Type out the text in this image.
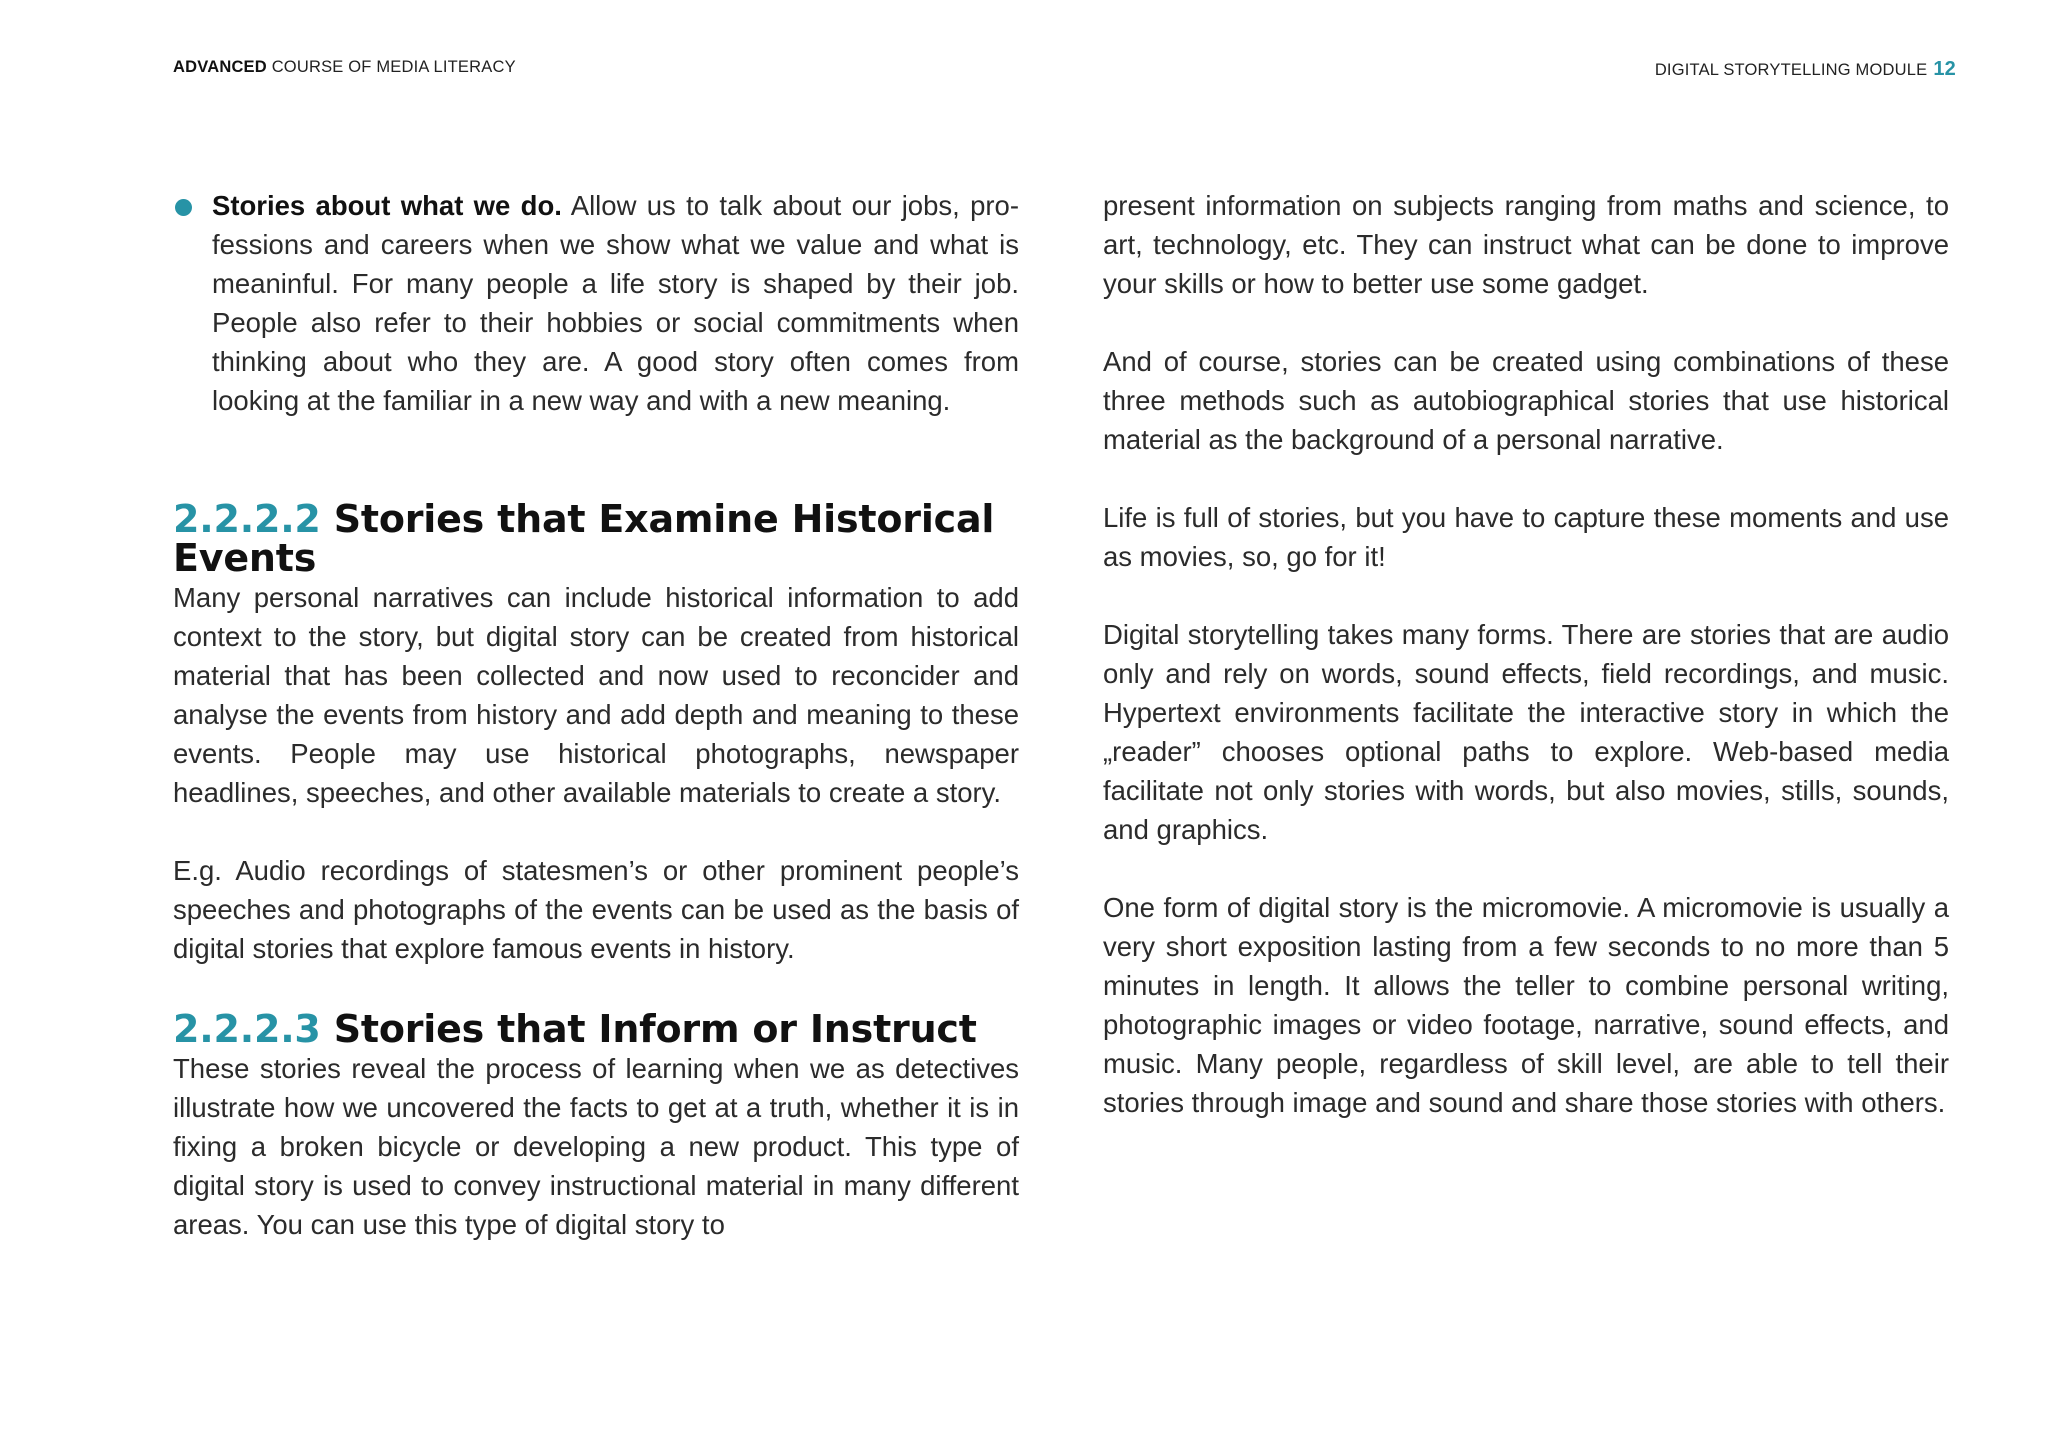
ADVANCED COURSE OF MEDIA LITERACY	DIGITAL STORYTELLING MODULE 12

Stories about what we do. Allow us to talk about our jobs, professions and careers when we show what we value and what is meaninful. For many people a life story is shaped by their job. People also refer to their hobbies or social commitments when thinking about who they are. A good story often comes from looking at the familiar in a new way and with a new meaning.

2.2.2.2 Stories that Examine Historical Events

Many personal narratives can include historical information to add context to the story, but digital story can be created from historical material that has been collected and now used to reconcider and analyse the events from history and add depth and meaning to these events. People may use historical photographs, newspaper headlines, speeches, and other available materials to create a story.

E.g. Audio recordings of statesmen’s or other prominent people’s speeches and photographs of the events can be used as the basis of digital stories that explore famous events in history.

2.2.2.3 Stories that Inform or Instruct

These stories reveal the process of learning when we as detectives illustrate how we uncovered the facts to get at a truth, whether it is in fixing a broken bicycle or developing a new product. This type of digital story is used to convey instructional material in many different areas. You can use this type of digital story to

present information on subjects ranging from maths and science, to art, technology, etc. They can instruct what can be done to improve your skills or how to better use some gadget.

And of course, stories can be created using combinations of these three methods such as autobiographical stories that use historical material as the background of a personal narrative.

Life is full of stories, but you have to capture these moments and use as movies, so, go for it!

Digital storytelling takes many forms. There are stories that are audio only and rely on words, sound effects, field recordings, and music. Hypertext environments facilitate the interactive story in which the „reader” chooses optional paths to explore. Web-based media facilitate not only stories with words, but also movies, stills, sounds, and graphics.

One form of digital story is the micromovie. A micromovie is usually a very short exposition lasting from a few seconds to no more than 5 minutes in length. It allows the teller to combine personal writing, photographic images or video footage, narrative, sound effects, and music. Many people, regardless of skill level, are able to tell their stories through image and sound and share those stories with others.
